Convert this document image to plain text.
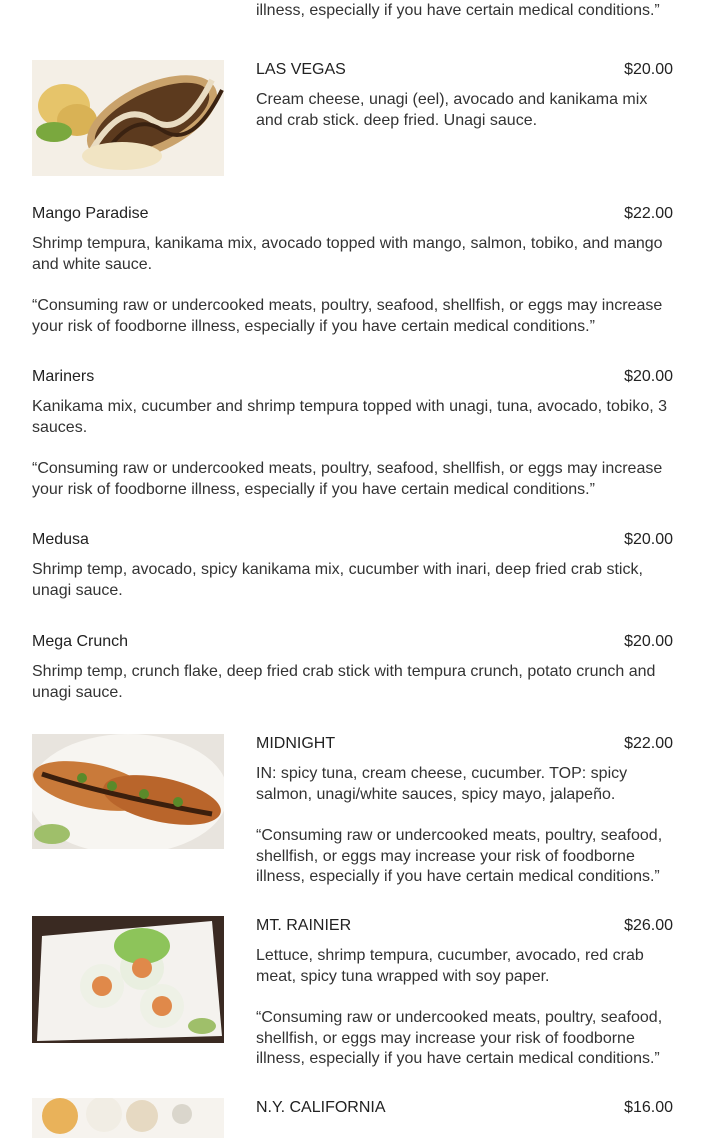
illness, especially if you have certain medical conditions.”

LAS VEGAS	$20.00

Cream cheese, unagi (eel), avocado and kanikama mix and crab stick. deep fried. Unagi sauce.

Mango Paradise	$22.00

Shrimp tempura, kanikama mix, avocado topped with mango, salmon, tobiko, and mango and white sauce.

“Consuming raw or undercooked meats, poultry, seafood, shellfish, or eggs may increase your risk of foodborne illness, especially if you have certain medical conditions.”

Mariners	$20.00

Kanikama mix, cucumber and shrimp tempura topped with unagi, tuna, avocado, tobiko, 3 sauces.

“Consuming raw or undercooked meats, poultry, seafood, shellfish, or eggs may increase your risk of foodborne illness, especially if you have certain medical conditions.”

Medusa	$20.00

Shrimp temp, avocado, spicy kanikama mix, cucumber with inari, deep fried crab stick, unagi sauce.

Mega Crunch	$20.00

Shrimp temp, crunch flake, deep fried crab stick with tempura crunch, potato crunch and unagi sauce.

MIDNIGHT	$22.00

IN: spicy tuna, cream cheese, cucumber. TOP: spicy salmon, unagi/white sauces, spicy mayo, jalapeño.

“Consuming raw or undercooked meats, poultry, seafood, shellfish, or eggs may increase your risk of foodborne illness, especially if you have certain medical conditions.”

MT. RAINIER	$26.00

Lettuce, shrimp tempura, cucumber, avocado, red crab meat, spicy tuna wrapped with soy paper.

“Consuming raw or undercooked meats, poultry, seafood, shellfish, or eggs may increase your risk of foodborne illness, especially if you have certain medical conditions.”

N.Y. CALIFORNIA	$16.00
